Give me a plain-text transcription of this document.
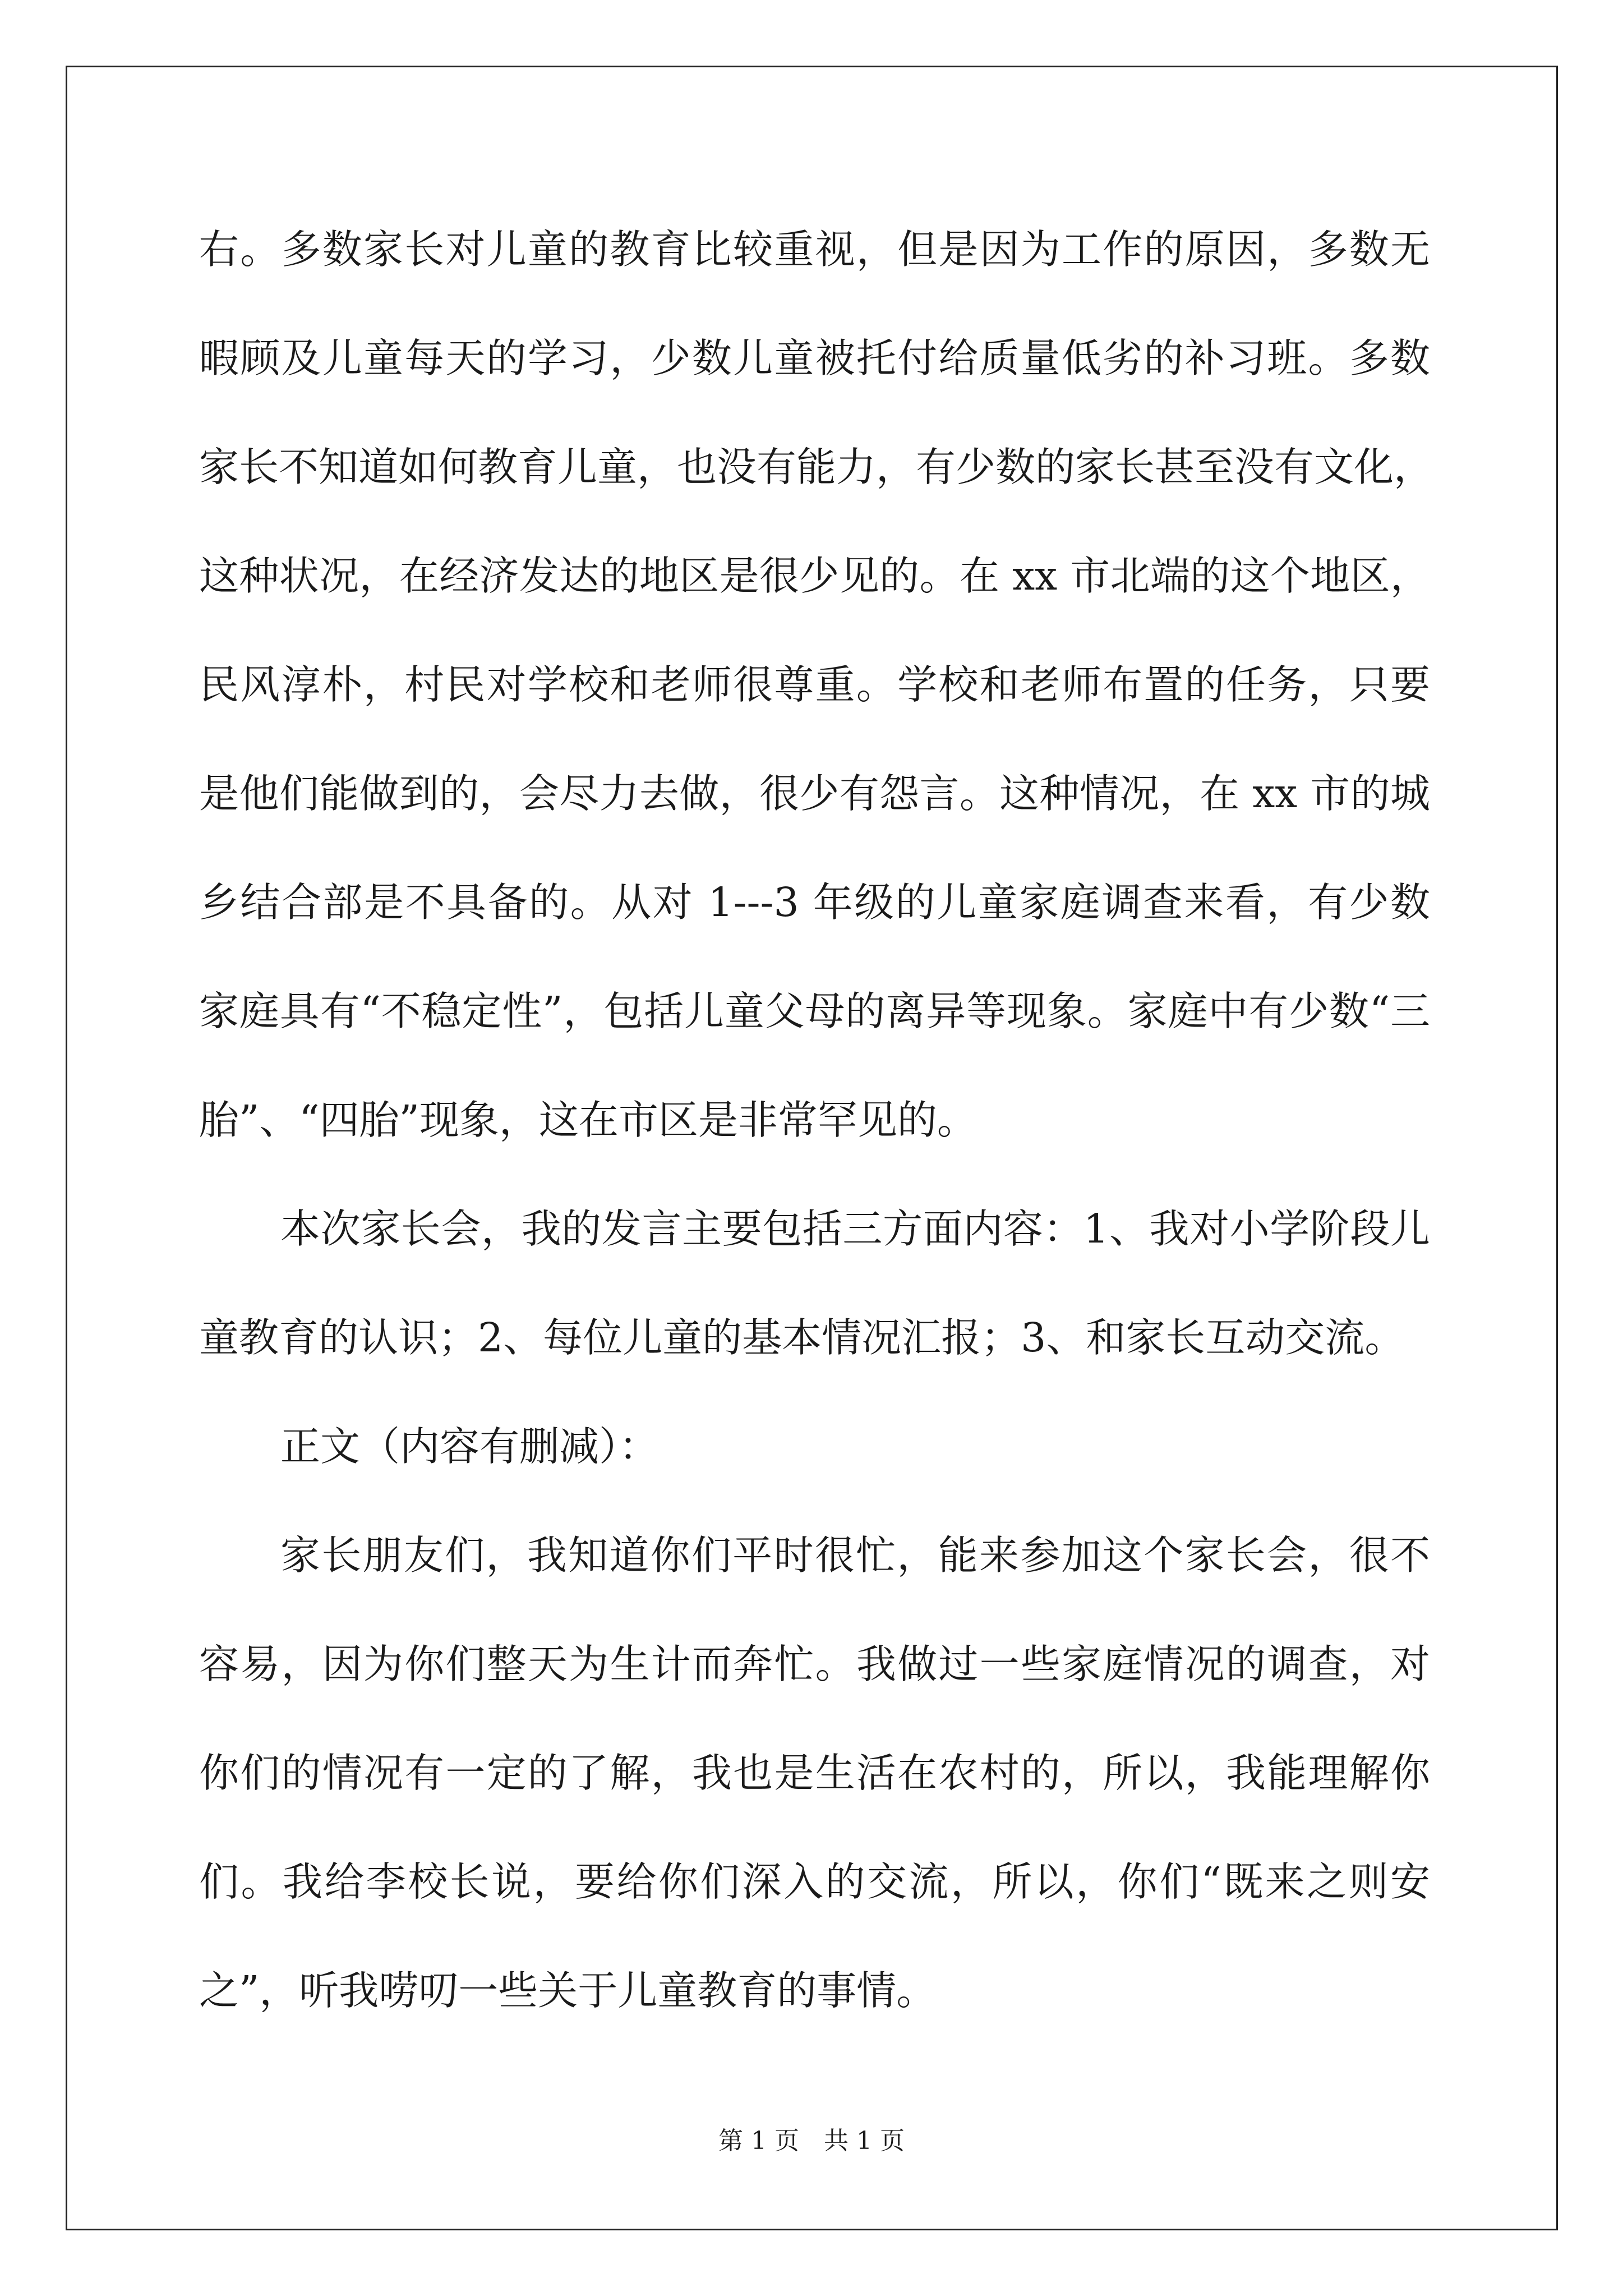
右。多数家长对儿童的教育比较重视，但是因为工作的原因，多数无

暇顾及儿童每天的学习，少数儿童被托付给质量低劣的补习班。多数

家长不知道如何教育儿童，也没有能力，有少数的家长甚至没有文化，

这种状况，在经济发达的地区是很少见的。在 xx 市北端的这个地区，

民风淳朴，村民对学校和老师很尊重。学校和老师布置的任务，只要

是他们能做到的，会尽力去做，很少有怨言。这种情况，在 xx 市的城

乡结合部是不具备的。从对 1---3 年级的儿童家庭调查来看，有少数

家庭具有“不稳定性”，包括儿童父母的离异等现象。家庭中有少数“三

胎”、“四胎”现象，这在市区是非常罕见的。

本次家长会，我的发言主要包括三方面内容：1、我对小学阶段儿

童教育的认识；2、每位儿童的基本情况汇报；3、和家长互动交流。

正文（内容有删减）：

家长朋友们，我知道你们平时很忙，能来参加这个家长会，很不

容易，因为你们整天为生计而奔忙。我做过一些家庭情况的调查，对

你们的情况有一定的了解，我也是生活在农村的，所以，我能理解你

们。我给李校长说，要给你们深入的交流，所以，你们“既来之则安

之”，听我唠叨一些关于儿童教育的事情。

第 1 页　共 1 页
